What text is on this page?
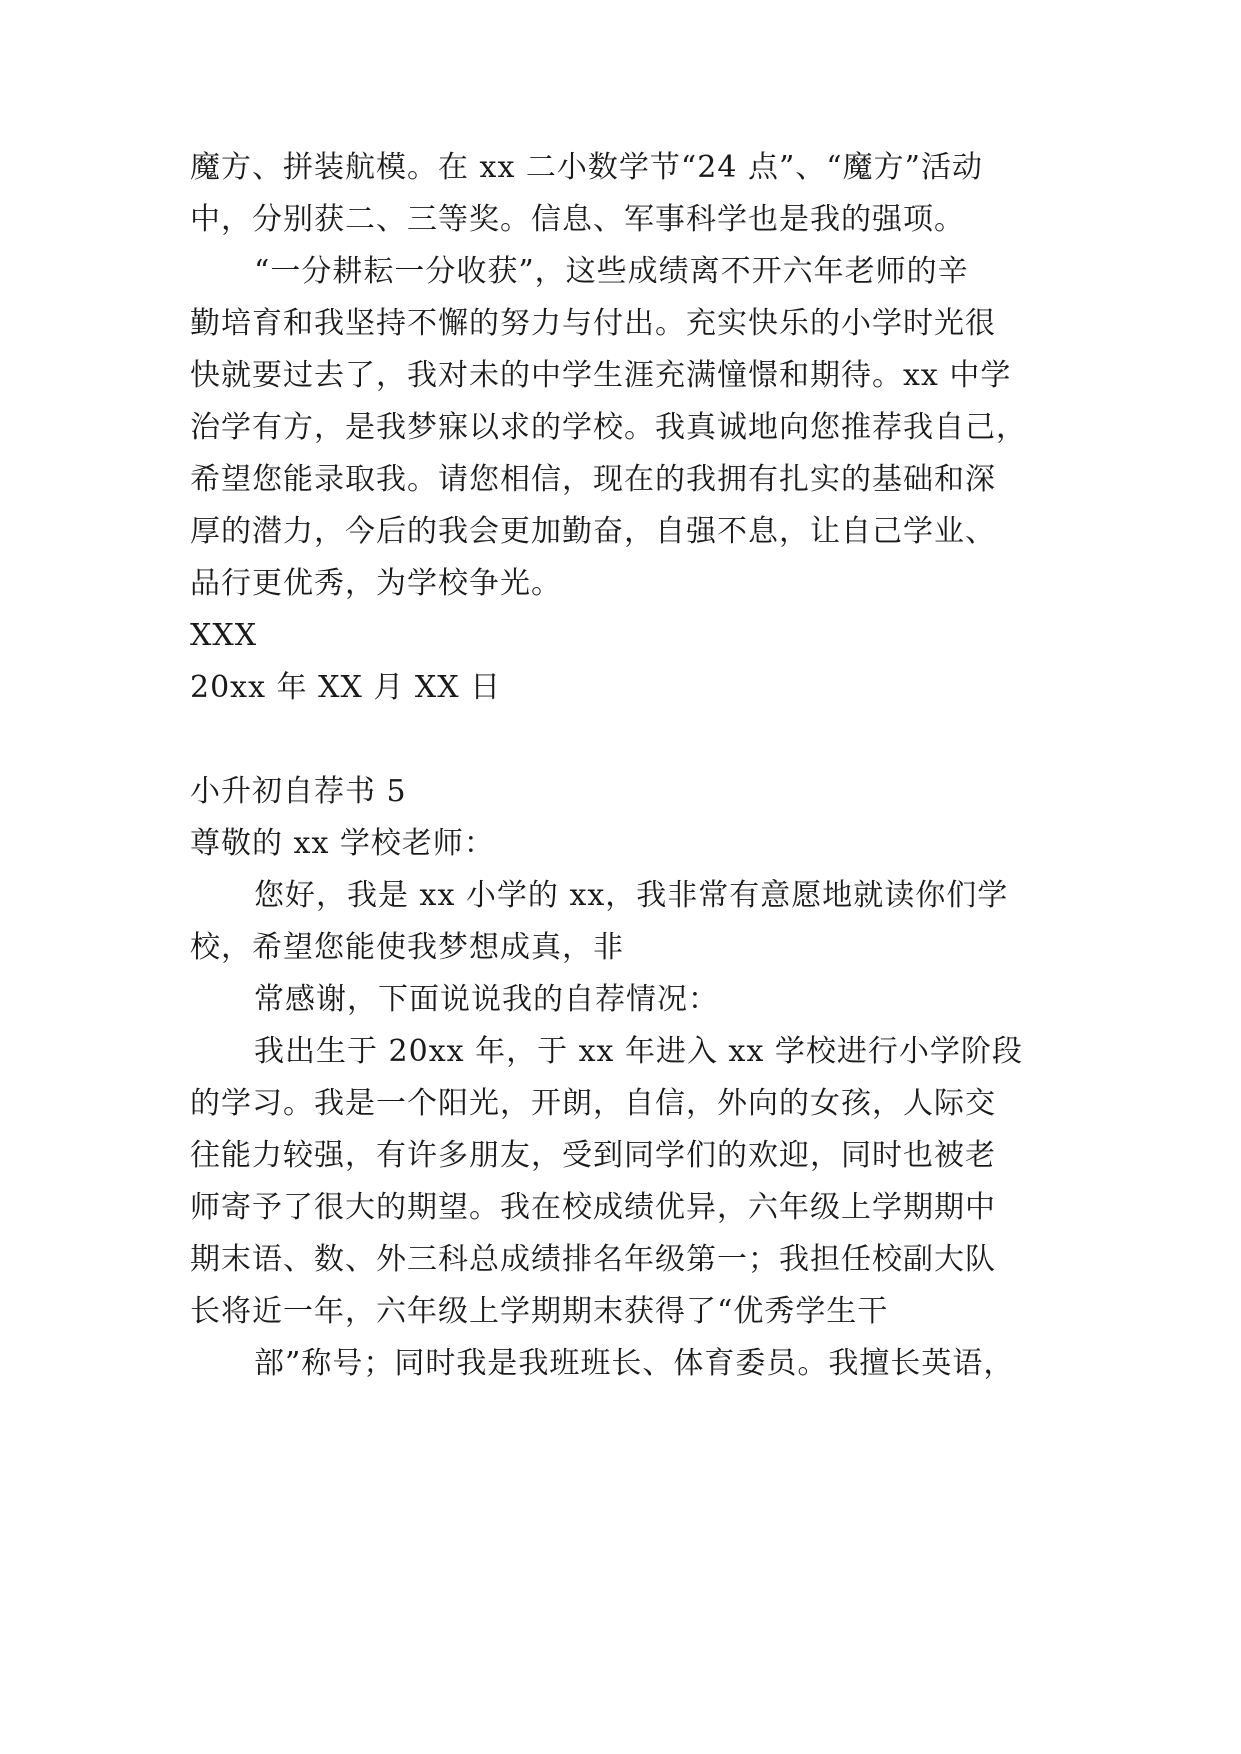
魔方、拼装航模。在 xx 二小数学节“24 点”、“魔方”活动

中，分别获二、三等奖。信息、军事科学也是我的强项。

“一分耕耘一分收获”，这些成绩离不开六年老师的辛

勤培育和我坚持不懈的努力与付出。充实快乐的小学时光很

快就要过去了，我对未的中学生涯充满憧憬和期待。xx 中学

治学有方，是我梦寐以求的学校。我真诚地向您推荐我自己，

希望您能录取我。请您相信，现在的我拥有扎实的基础和深

厚的潜力，今后的我会更加勤奋，自强不息，让自己学业、

品行更优秀，为学校争光。

XXX

20xx 年 XX 月 XX 日

小升初自荐书 5

尊敬的 xx 学校老师：

您好，我是 xx 小学的 xx，我非常有意愿地就读你们学

校，希望您能使我梦想成真，非

常感谢，下面说说我的自荐情况：

我出生于 20xx 年，于 xx 年进入 xx 学校进行小学阶段

的学习。我是一个阳光，开朗，自信，外向的女孩，人际交

往能力较强，有许多朋友，受到同学们的欢迎，同时也被老

师寄予了很大的期望。我在校成绩优异，六年级上学期期中

期末语、数、外三科总成绩排名年级第一；我担任校副大队

长将近一年，六年级上学期期末获得了“优秀学生干

部”称号；同时我是我班班长、体育委员。我擅长英语，
